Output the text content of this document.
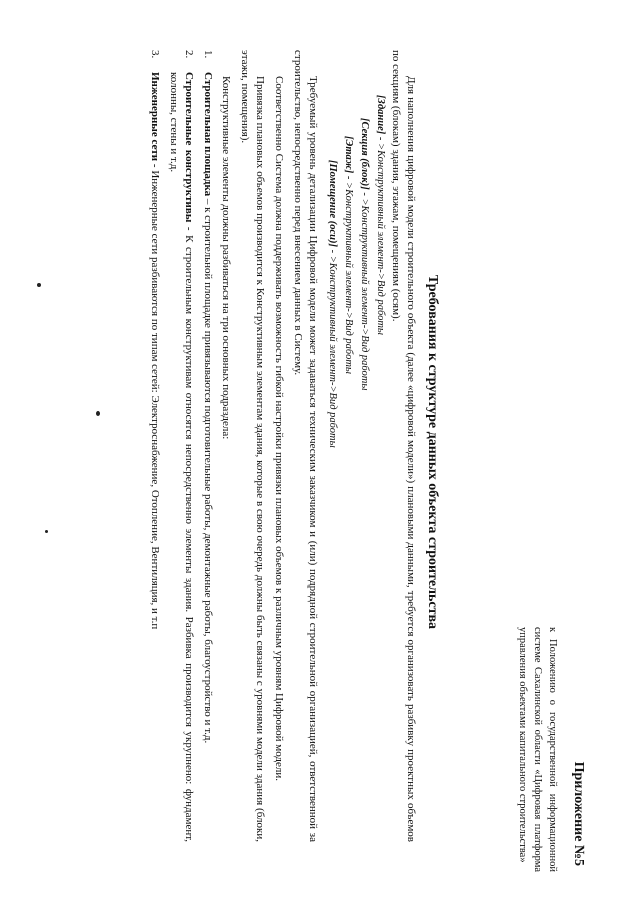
Приложение №5
к Положению о государственной информационной системе Сахалинской области «Цифровая платформа управления объектами капитального строительства»
Требования к структуре данных объекта строительства

Для наполнения цифровой модели строительного объекта (далее «цифровой модели») плановыми данными, требуется организовать разбивку проектных объемов по секциям (блокам) здания, этажам, помещениям (осям).

[Здание] - >Конструктивный элемент->Вид работы
[Секция (блок)] - >Конструктивный элемент->Вид работы
[Этаж] - >Конструктивный элемент->Вид работы
[Помещение (оси)] - >Конструктивный элемент->Вид работы

Требуемый уровень детализации Цифровой модели может задаваться техническим заказчиком и (или) подрядной строительной организацией, ответственной за строительство, непосредственно перед внесением данных в Систему.

Соответственно Система должна поддерживать возможность гибкой настройки привязки плановых объемов к различным уровням Цифровой модели.

Привязка плановых объемов производится к Конструктивным элементам здания, которые в свою очередь должны быть связаны с уровнями модели здания (блоки, этажи, помещения).

Конструктивные элементы должны разбиваться на три основных подраздела:

1.
Строительная площадка – к строительной площадке привязываются подготовительные работы, демонтажные работы, благоустройство и т.д.
2.
Строительные конструктивы - К строительным конструктивам относятся непосредственно элементы здания. Разбивка производится укрупнено: фундамент, колонны, стены и т.д.
3.
Инженерные сети - Инженерные сети разбиваются по типам сетей: Электроснабжение, Отопление, Вентиляция, и т.п
